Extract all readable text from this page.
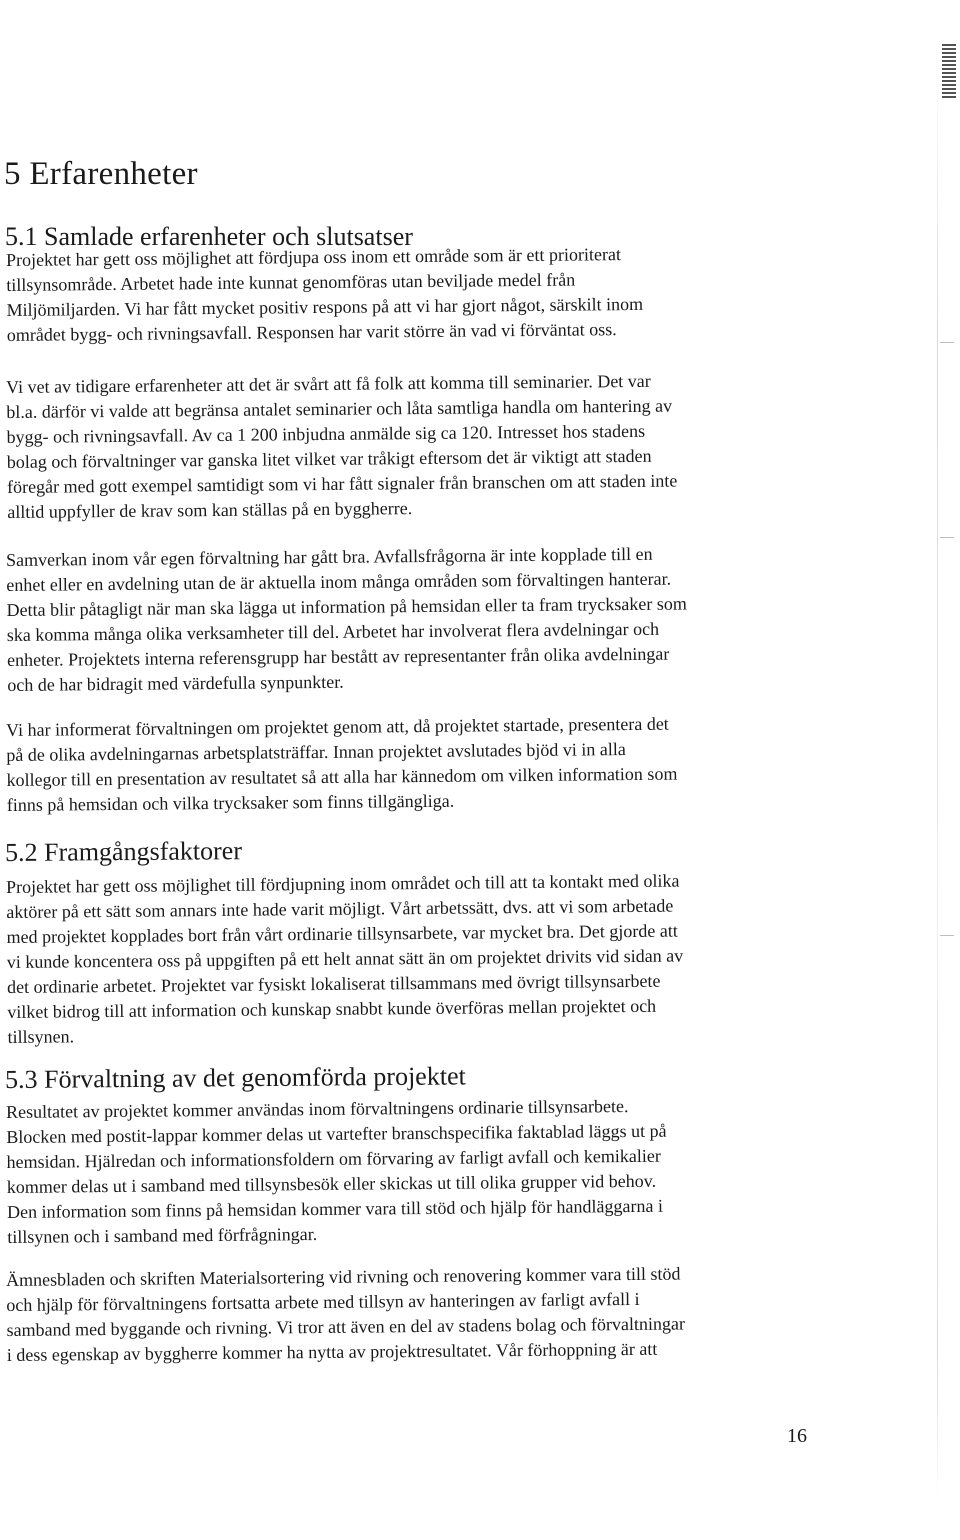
5 Erfarenheter
5.1 Samlade erfarenheter och slutsatser
Projektet har gett oss möjlighet att fördjupa oss inom ett område som är ett prioriterat
tillsynsområde. Arbetet hade inte kunnat genomföras utan beviljade medel från
Miljömiljarden. Vi har fått mycket positiv respons på att vi har gjort något, särskilt inom
området bygg- och rivningsavfall. Responsen har varit större än vad vi förväntat oss.
Vi vet av tidigare erfarenheter att det är svårt att få folk att komma till seminarier. Det var
bl.a. därför vi valde att begränsa antalet seminarier och låta samtliga handla om hantering av
bygg- och rivningsavfall. Av ca 1 200 inbjudna anmälde sig ca 120. Intresset hos stadens
bolag och förvaltninger var ganska litet vilket var tråkigt eftersom det är viktigt att staden
föregår med gott exempel samtidigt som vi har fått signaler från branschen om att staden inte
alltid uppfyller de krav som kan ställas på en byggherre.
Samverkan inom vår egen förvaltning har gått bra. Avfallsfrågorna är inte kopplade till en
enhet eller en avdelning utan de är aktuella inom många områden som förvaltingen hanterar.
Detta blir påtagligt när man ska lägga ut information på hemsidan eller ta fram trycksaker som
ska komma många olika verksamheter till del. Arbetet har involverat flera avdelningar och
enheter. Projektets interna referensgrupp har bestått av representanter från olika avdelningar
och de har bidragit med värdefulla synpunkter.
Vi har informerat förvaltningen om projektet genom att, då projektet startade, presentera det
på de olika avdelningarnas arbetsplatsträffar. Innan projektet avslutades bjöd vi in alla
kollegor till en presentation av resultatet så att alla har kännedom om vilken information som
finns på hemsidan och vilka trycksaker som finns tillgängliga.
5.2 Framgångsfaktorer
Projektet har gett oss möjlighet till fördjupning inom området och till att ta kontakt med olika
aktörer på ett sätt som annars inte hade varit möjligt. Vårt arbetssätt, dvs. att vi som arbetade
med projektet kopplades bort från vårt ordinarie tillsynsarbete, var mycket bra. Det gjorde att
vi kunde koncentera oss på uppgiften på ett helt annat sätt än om projektet drivits vid sidan av
det ordinarie arbetet. Projektet var fysiskt lokaliserat tillsammans med övrigt tillsynsarbete
vilket bidrog till att information och kunskap snabbt kunde överföras mellan projektet och
tillsynen.
5.3 Förvaltning av det genomförda projektet
Resultatet av projektet kommer användas inom förvaltningens ordinarie tillsynsarbete.
Blocken med postit-lappar kommer delas ut vartefter branschspecifika faktablad läggs ut på
hemsidan. Hjälredan och informationsfoldern om förvaring av farligt avfall och kemikalier
kommer delas ut i samband med tillsynsbesök eller skickas ut till olika grupper vid behov.
Den information som finns på hemsidan kommer vara till stöd och hjälp för handläggarna i
tillsynen och i samband med förfrågningar.
Ämnesbladen och skriften Materialsortering vid rivning och renovering kommer vara till stöd
och hjälp för förvaltningens fortsatta arbete med tillsyn av hanteringen av farligt avfall i
samband med byggande och rivning. Vi tror att även en del av stadens bolag och förvaltningar
i dess egenskap av byggherre kommer ha nytta av projektresultatet. Vår förhoppning är att
16
